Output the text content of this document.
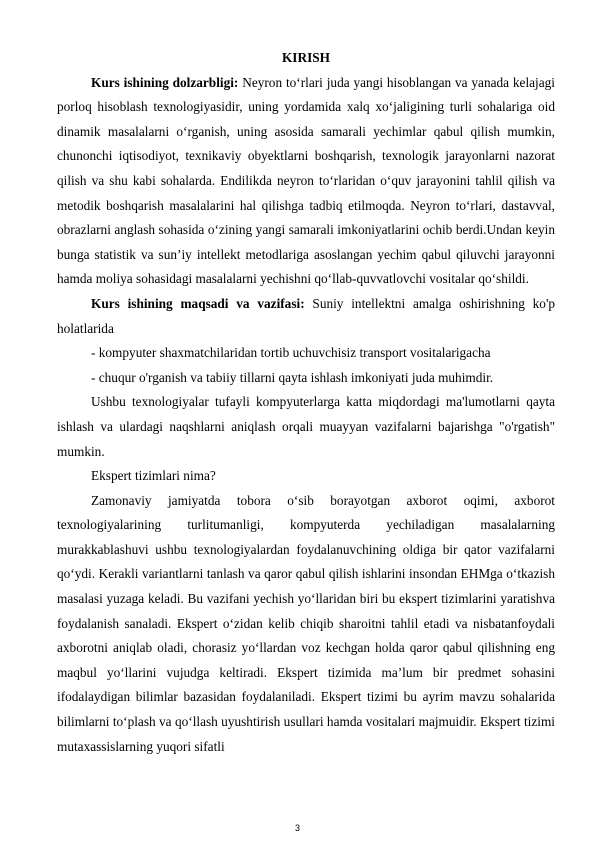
KIRISH

Kurs ishining dolzarbligi: Neyron to‘rlari juda yangi hisoblangan va yanada kelajagi porloq hisoblash texnologiyasidir, uning yordamida xalq xo‘jaligining turli sohalariga oid dinamik masalalarni o‘rganish, uning asosida samarali yechimlar qabul qilish mumkin, chunonchi iqtisodiyot, texnikaviy obyektlarni boshqarish, texnologik jarayonlarni nazorat qilish va shu kabi sohalarda. Endilikda neyron to‘rlaridan o‘quv jarayonini tahlil qilish va metodik boshqarish masalalarini hal qilishga tadbiq etilmoqda. Neyron to‘rlari, dastavval, obrazlarni anglash sohasida o‘zining yangi samarali imkoniyatlarini ochib berdi.Undan keyin bunga statistik va sun’iy intellekt metodlariga asoslangan yechim qabul qiluvchi jarayonni hamda moliya sohasidagi masalalarni yechishni qo‘llab-quvvatlovchi vositalar qo‘shildi.

Kurs ishining maqsadi va vazifasi: Suniy intellektni amalga oshirishning ko'p holatlarida

- kompyuter shaxmatchilaridan tortib uchuvchisiz transport vositalarigacha

- chuqur o'rganish va tabiiy tillarni qayta ishlash imkoniyati juda muhimdir.

Ushbu texnologiyalar tufayli kompyuterlarga katta miqdordagi ma'lumotlarni qayta ishlash va ulardagi naqshlarni aniqlash orqali muayyan vazifalarni bajarishga "o'rgatish" mumkin.

Ekspert tizimlari nima?

Zamonaviy jamiyatda tobora o‘sib borayotgan axborot oqimi, axborot texnologiyalarining turlitumanligi, kompyuterda yechiladigan masalalarning murakkablashuvi ushbu texnologiyalardan foydalanuvchining oldiga bir qator vazifalarni qo‘ydi. Kerakli variantlarni tanlash va qaror qabul qilish ishlarini insondan EHMga o‘tkazish masalasi yuzaga keladi. Bu vazifani yechish yo‘llaridan biri bu ekspert tizimlarini yaratishva foydalanish sanaladi. Ekspert o‘zidan kelib chiqib sharoitni tahlil etadi va nisbatanfoydali axborotni aniqlab oladi, chorasiz yo‘llardan voz kechgan holda qaror qabul qilishning eng maqbul yo‘llarini vujudga keltiradi. Ekspert tizimida ma’lum bir predmet sohasini ifodalaydigan bilimlar bazasidan foydalaniladi. Ekspert tizimi bu ayrim mavzu sohalarida bilimlarni to‘plash va qo‘llash uyushtirish usullari hamda vositalari majmuidir. Ekspert tizimi mutaxassislarning yuqori sifatli

3
